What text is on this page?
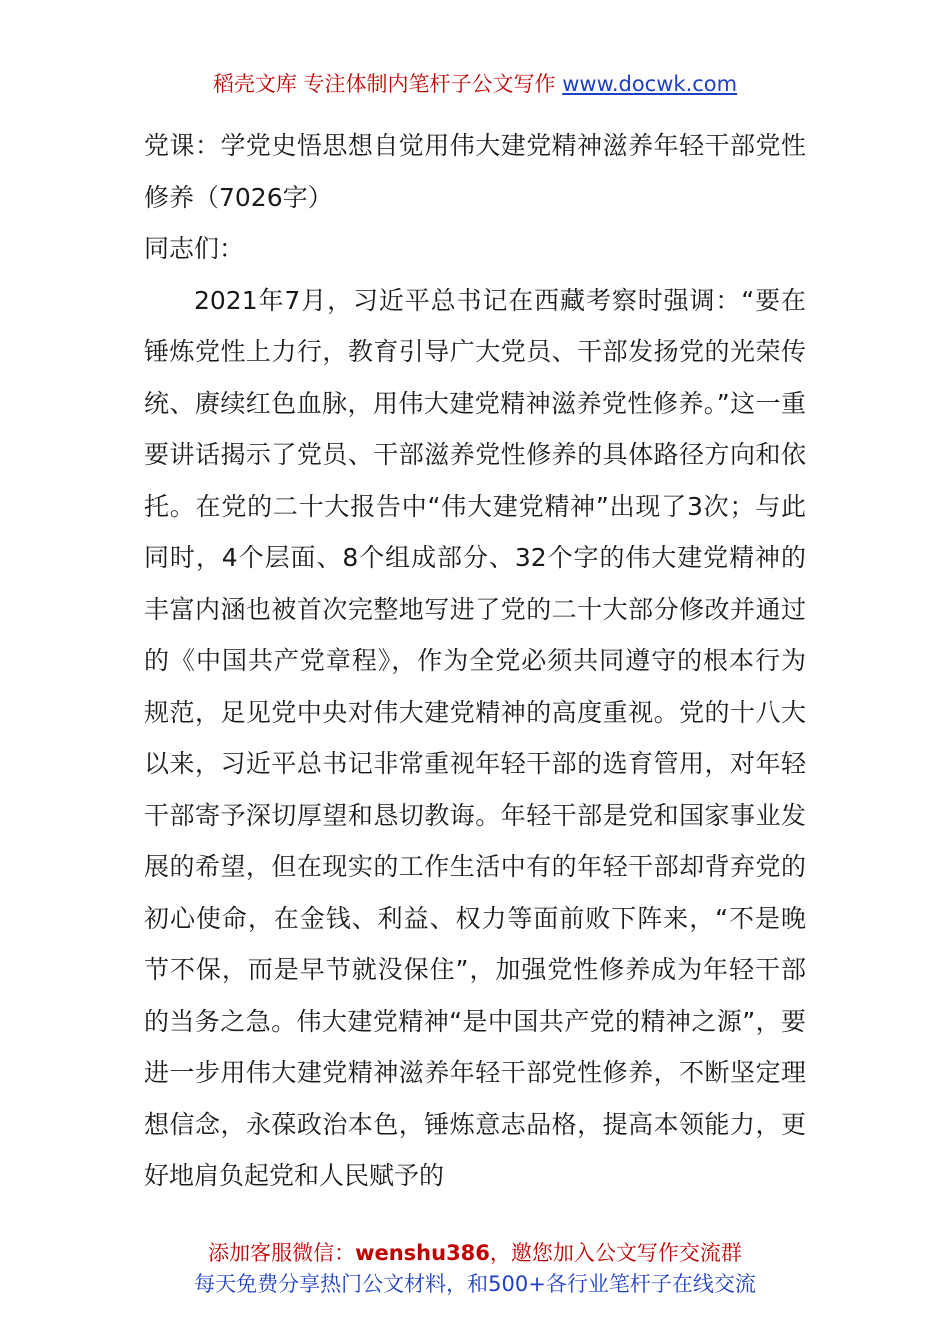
稻壳文库 专注体制内笔杆子公文写作 www.docwk.com

党课：学党史悟思想自觉用伟大建党精神滋养年轻干部党性修养（7026字）

同志们：

2021年7月，习近平总书记在西藏考察时强调：“要在锤炼党性上力行，教育引导广大党员、干部发扬党的光荣传统、赓续红色血脉，用伟大建党精神滋养党性修养。”这一重要讲话揭示了党员、干部滋养党性修养的具体路径方向和依托。在党的二十大报告中“伟大建党精神”出现了3次；与此同时，4个层面、8个组成部分、32个字的伟大建党精神的丰富内涵也被首次完整地写进了党的二十大部分修改并通过的《中国共产党章程》，作为全党必须共同遵守的根本行为规范，足见党中央对伟大建党精神的高度重视。党的十八大以来，习近平总书记非常重视年轻干部的选育管用，对年轻干部寄予深切厚望和恳切教诲。年轻干部是党和国家事业发展的希望，但在现实的工作生活中有的年轻干部却背弃党的初心使命，在金钱、利益、权力等面前败下阵来，“不是晚节不保，而是早节就没保住”，加强党性修养成为年轻干部的当务之急。伟大建党精神“是中国共产党的精神之源”，要进一步用伟大建党精神滋养年轻干部党性修养，不断坚定理想信念，永葆政治本色，锤炼意志品格，提高本领能力，更好地肩负起党和人民赋予的

添加客服微信：wenshu386，邀您加入公文写作交流群
每天免费分享热门公文材料，和500+各行业笔杆子在线交流
